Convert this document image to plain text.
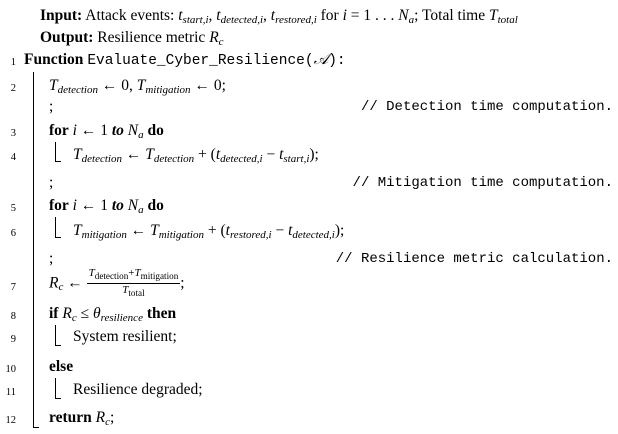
Input: Attack events: tstart,i, tdetected,i, trestored,i for i = 1 . . . Na; Total time Ttotal
Output: Resilience metric Rc
1 Function Evaluate_Cyber_Resilience(𝒜):
2 Tdetection ← 0, Tmitigation ← 0;
;	// Detection time computation.
3 for i ← 1 to Na do
4	Tdetection ← Tdetection + (tdetected,i − tstart,i);
;	// Mitigation time computation.
5 for i ← 1 to Na do
6	Tmitigation ← Tmitigation + (trestored,i − tdetected,i);
;	// Resilience metric calculation.
7 Rc ← $\frac{T_{detection}+T_{mitigation}}{T_{total}}$ ;
8 if Rc ≤ θresilience then
9	System resilient;
10 else
11	Resilience degraded;
12 return Rc;
